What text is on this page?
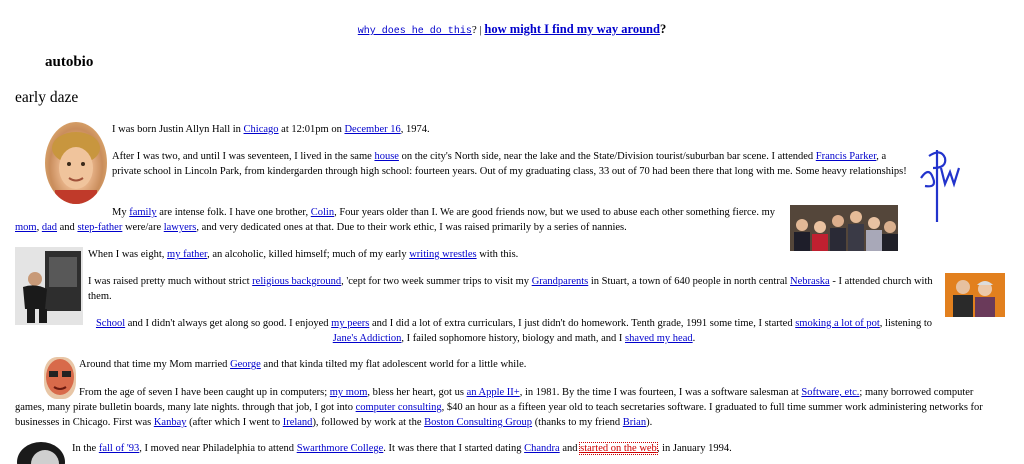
why does he do this? | how might I find my way around?
autobio
early daze
I was born Justin Allyn Hall in Chicago at 12:01pm on December 16, 1974.
After I was two, and until I was seventeen, I lived in the same house on the city's North side, near the lake and the State/Division tourist/suburban bar scene. I attended Francis Parker, a private school in Lincoln Park, from kindergarden through high school: fourteen years. Out of my graduating class, 33 out of 70 had been there that long with me. Some heavy relationships!
My family are intense folk. I have one brother, Colin, Four years older than I. We are good friends now, but we used to abuse each other something fierce. my mom, dad and step-father were/are lawyers, and very dedicated ones at that. Due to their work ethic, I was raised primarily by a series of nannies.
When I was eight, my father, an alcoholic, killed himself; much of my early writing wrestles with this.
I was raised pretty much without strict religious background, 'cept for two week summer trips to visit my Grandparents in Stuart, a town of 640 people in north central Nebraska - I attended church with them.
School and I didn't always get along so good. I enjoyed my peers and I did a lot of extra curriculars, I just didn't do homework. Tenth grade, 1991 some time, I started smoking a lot of pot, listening to Jane's Addiction, I failed sophomore history, biology and math, and I shaved my head.
Around that time my Mom married George and that kinda tilted my flat adolescent world for a little while.
From the age of seven I have been caught up in computers; my mom, bless her heart, got us an Apple II+, in 1981. By the time I was fourteen, I was a software salesman at Software, etc.; many borrowed computer games, many pirate bulletin boards, many late nights. through that job, I got into computer consulting, $40 an hour as a fifteen year old to teach secretaries software. I graduated to full time summer work administering networks for businesses in Chicago. First was Kanbay (after which I went to Ireland), followed by work at the Boston Consulting Group (thanks to my friend Brian).
In the fall of '93, I moved near Philadelphia to attend Swarthmore College. It was there that I started dating Chandra and started on the web, in January 1994.
